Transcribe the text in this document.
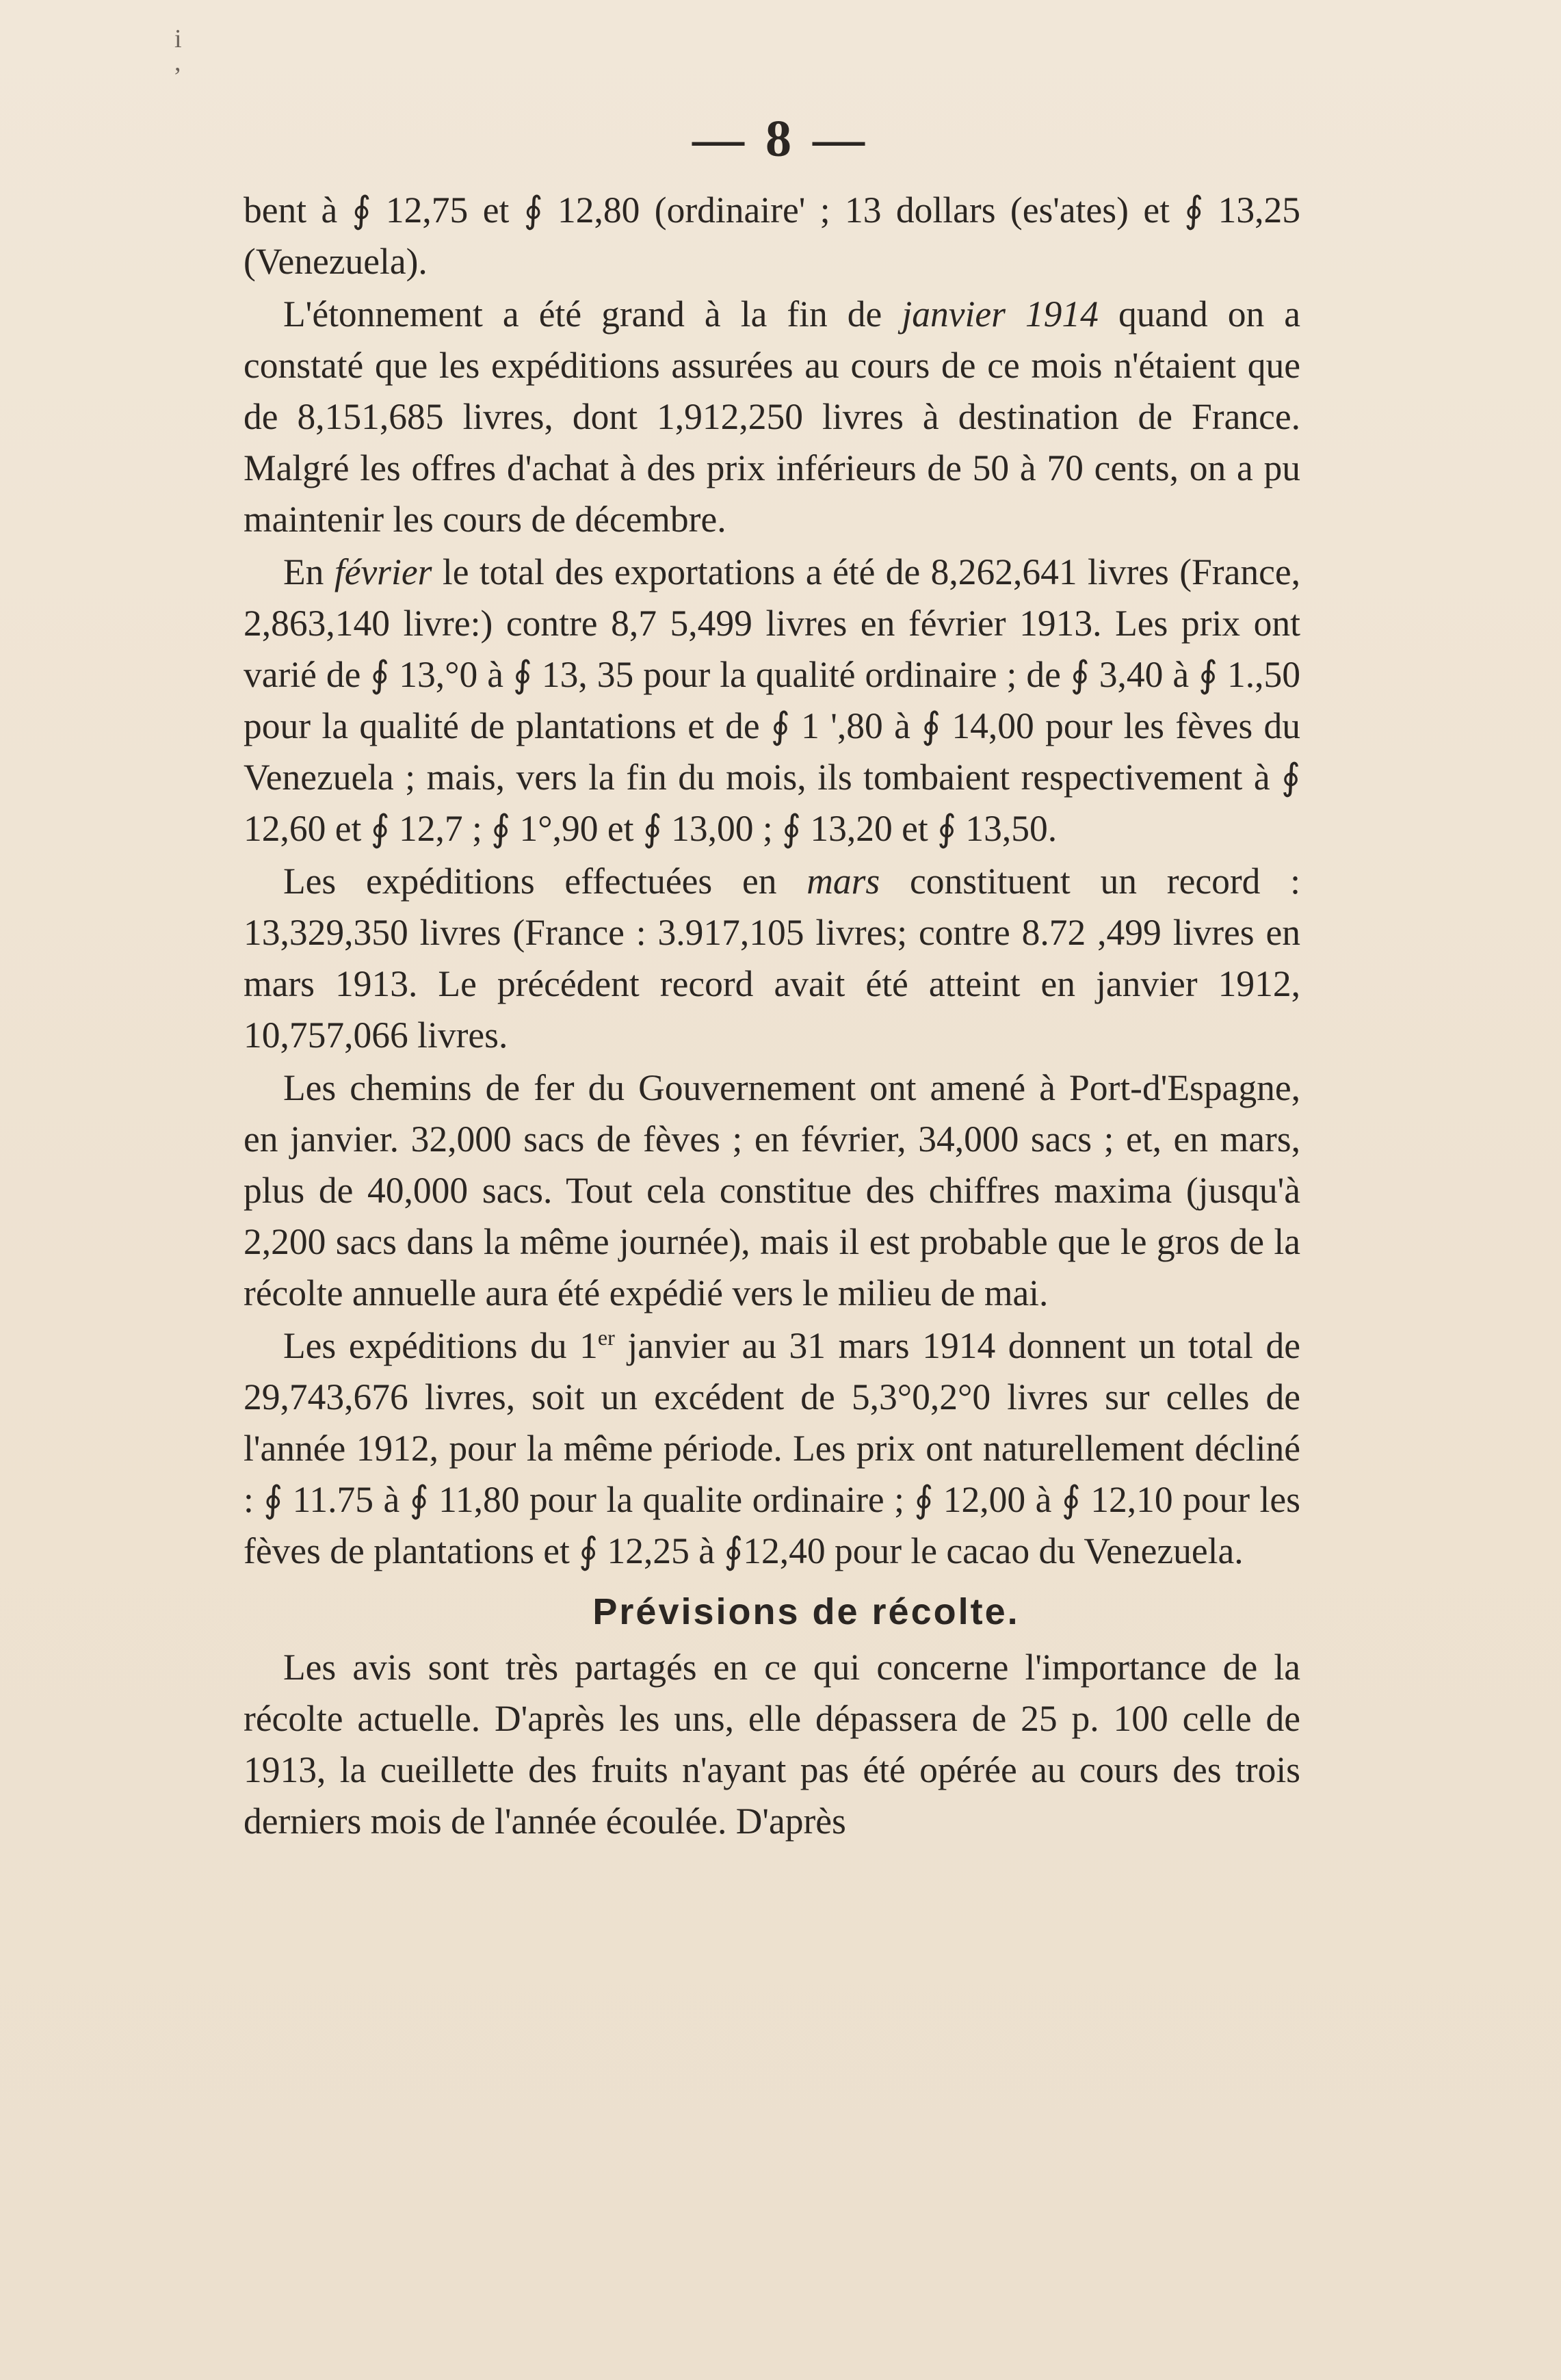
i ,
— 8 —

bent à ∮ 12,75 et ∮ 12,80 (ordinaire' ; 13 dollars (es'ates) et ∮ 13,25 (Venezuela).

L'étonnement a été grand à la fin de janvier 1914 quand on a constaté que les expéditions assurées au cours de ce mois n'étaient que de 8,151,685 livres, dont 1,912,250 livres à destination de France. Malgré les offres d'achat à des prix inférieurs de 50 à 70 cents, on a pu maintenir les cours de décembre.

En février le total des exportations a été de 8,262,641 livres (France, 2,863,140 livre:) contre 8,7 5,499 livres en février 1913. Les prix ont varié de ∮ 13,°0 à ∮ 13, 35 pour la qualité ordinaire ; de ∮ 3,40 à ∮ 1.,50 pour la qualité de plantations et de ∮ 1 ',80 à ∮ 14,00 pour les fèves du Venezuela ; mais, vers la fin du mois, ils tombaient respectivement à ∮ 12,60 et ∮ 12,7 ; ∮ 1°,90 et ∮ 13,00 ; ∮ 13,20 et ∮ 13,50.

Les expéditions effectuées en mars constituent un record : 13,329,350 livres (France : 3.917,105 livres; contre 8.72 ,499 livres en mars 1913. Le précédent record avait été atteint en janvier 1912, 10,757,066 livres.

Les chemins de fer du Gouvernement ont amené à Port-d'Espagne, en janvier. 32,000 sacs de fèves ; en février, 34,000 sacs ; et, en mars, plus de 40,000 sacs. Tout cela constitue des chiffres maxima (jusqu'à 2,200 sacs dans la même journée), mais il est probable que le gros de la récolte annuelle aura été expédié vers le milieu de mai.

Les expéditions du 1er janvier au 31 mars 1914 donnent un total de 29,743,676 livres, soit un excédent de 5,3°0,2°0 livres sur celles de l'année 1912, pour la même période. Les prix ont naturellement décliné : ∮ 11.75 à ∮ 11,80 pour la qualite ordinaire ; ∮ 12,00 à ∮ 12,10 pour les fèves de plantations et ∮ 12,25 à ∮12,40 pour le cacao du Venezuela.

Prévisions de récolte.

Les avis sont très partagés en ce qui concerne l'importance de la récolte actuelle. D'après les uns, elle dépassera de 25 p. 100 celle de 1913, la cueillette des fruits n'ayant pas été opérée au cours des trois derniers mois de l'année écoulée. D'après
